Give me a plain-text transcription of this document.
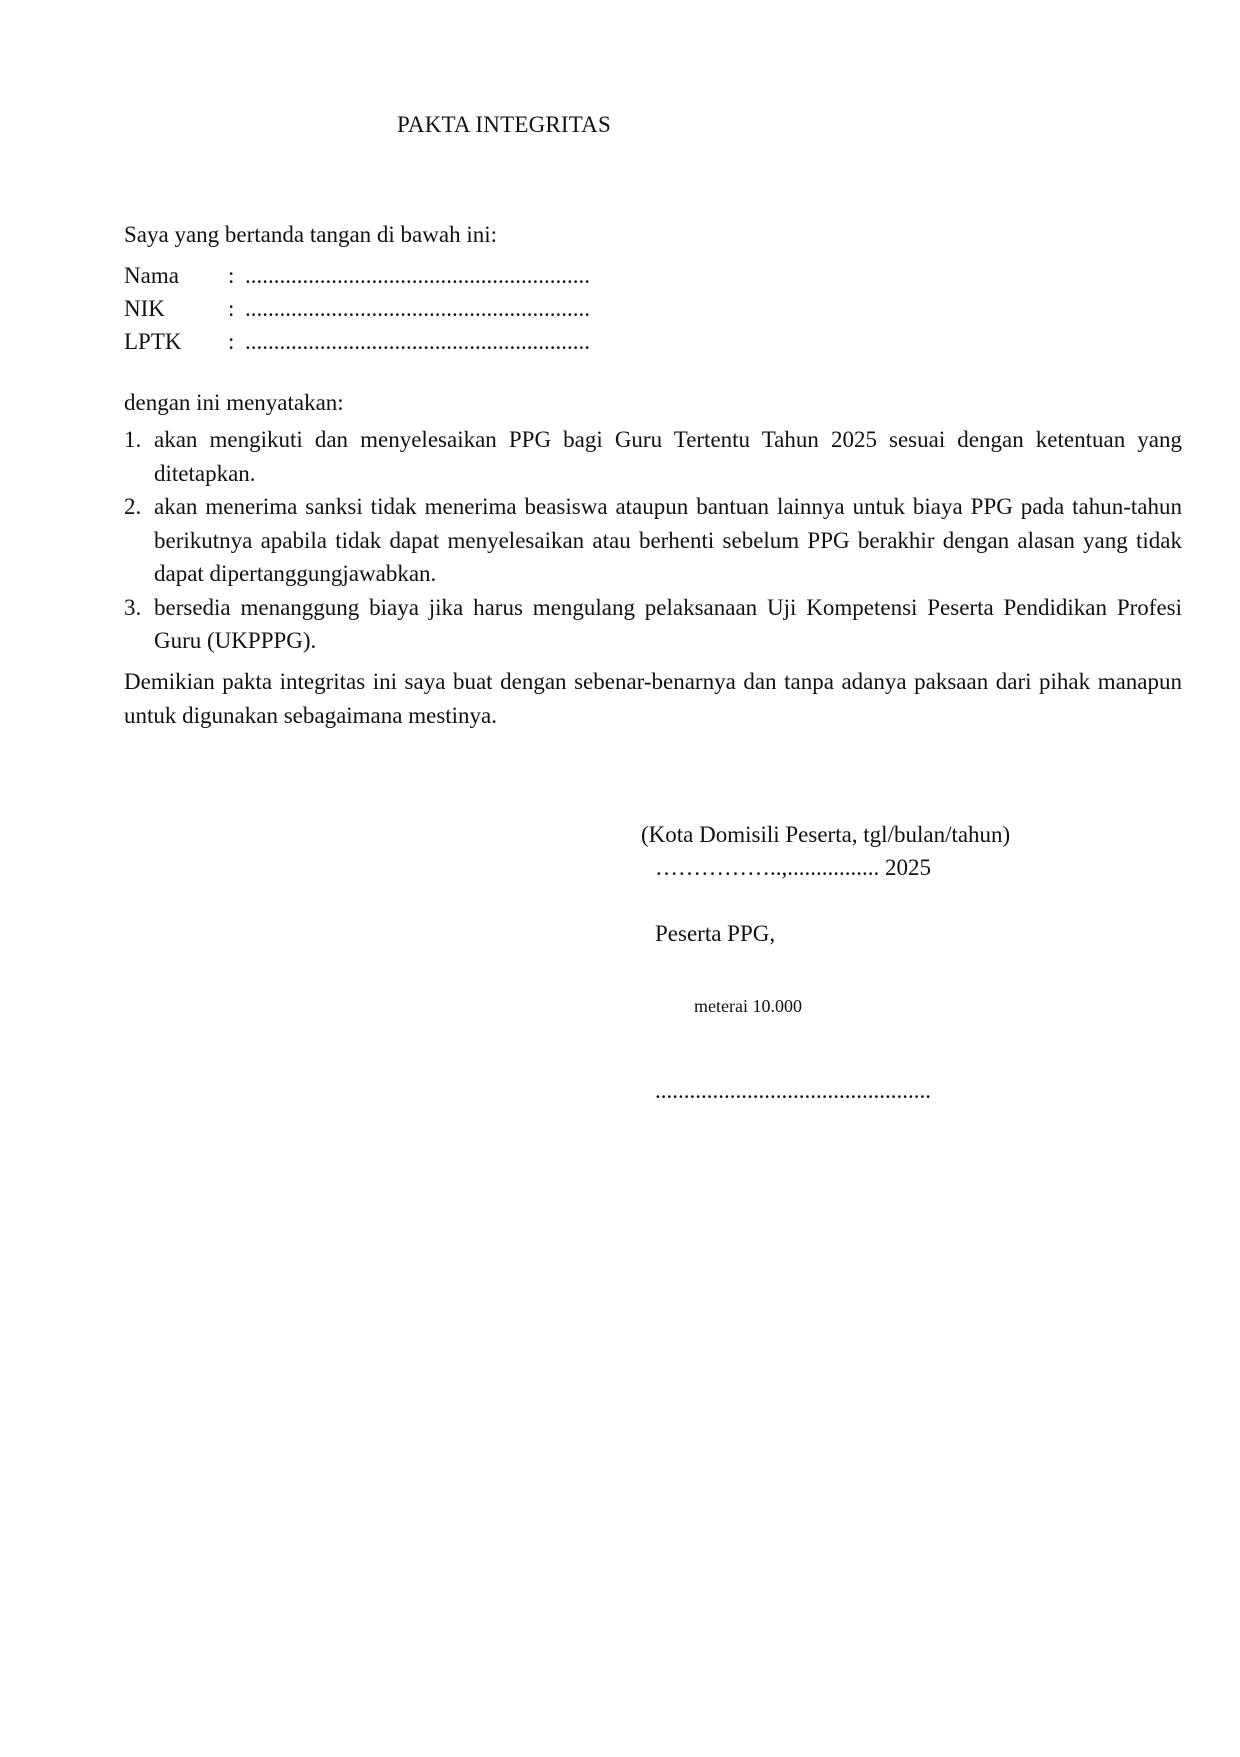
PAKTA INTEGRITAS
Saya yang bertanda tangan di bawah ini:
Nama : ............................................................
NIK	: ............................................................
LPTK : ............................................................
dengan ini menyatakan:
1. akan mengikuti dan menyelesaikan PPG bagi Guru Tertentu Tahun 2025 sesuai dengan ketentuan yang ditetapkan.
2. akan menerima sanksi tidak menerima beasiswa ataupun bantuan lainnya untuk biaya PPG pada tahun-tahun berikutnya apabila tidak dapat menyelesaikan atau berhenti sebelum PPG berakhir dengan alasan yang tidak dapat dipertanggungjawabkan.
3. bersedia menanggung biaya jika harus mengulang pelaksanaan Uji Kompetensi Peserta Pendidikan Profesi Guru (UKPPPG).
Demikian pakta integritas ini saya buat dengan sebenar-benarnya dan tanpa adanya paksaan dari pihak manapun untuk digunakan sebagaimana mestinya.
(Kota Domisili Peserta, tgl/bulan/tahun)
……………..,................ 2025
Peserta PPG,
meterai 10.000
................................................
